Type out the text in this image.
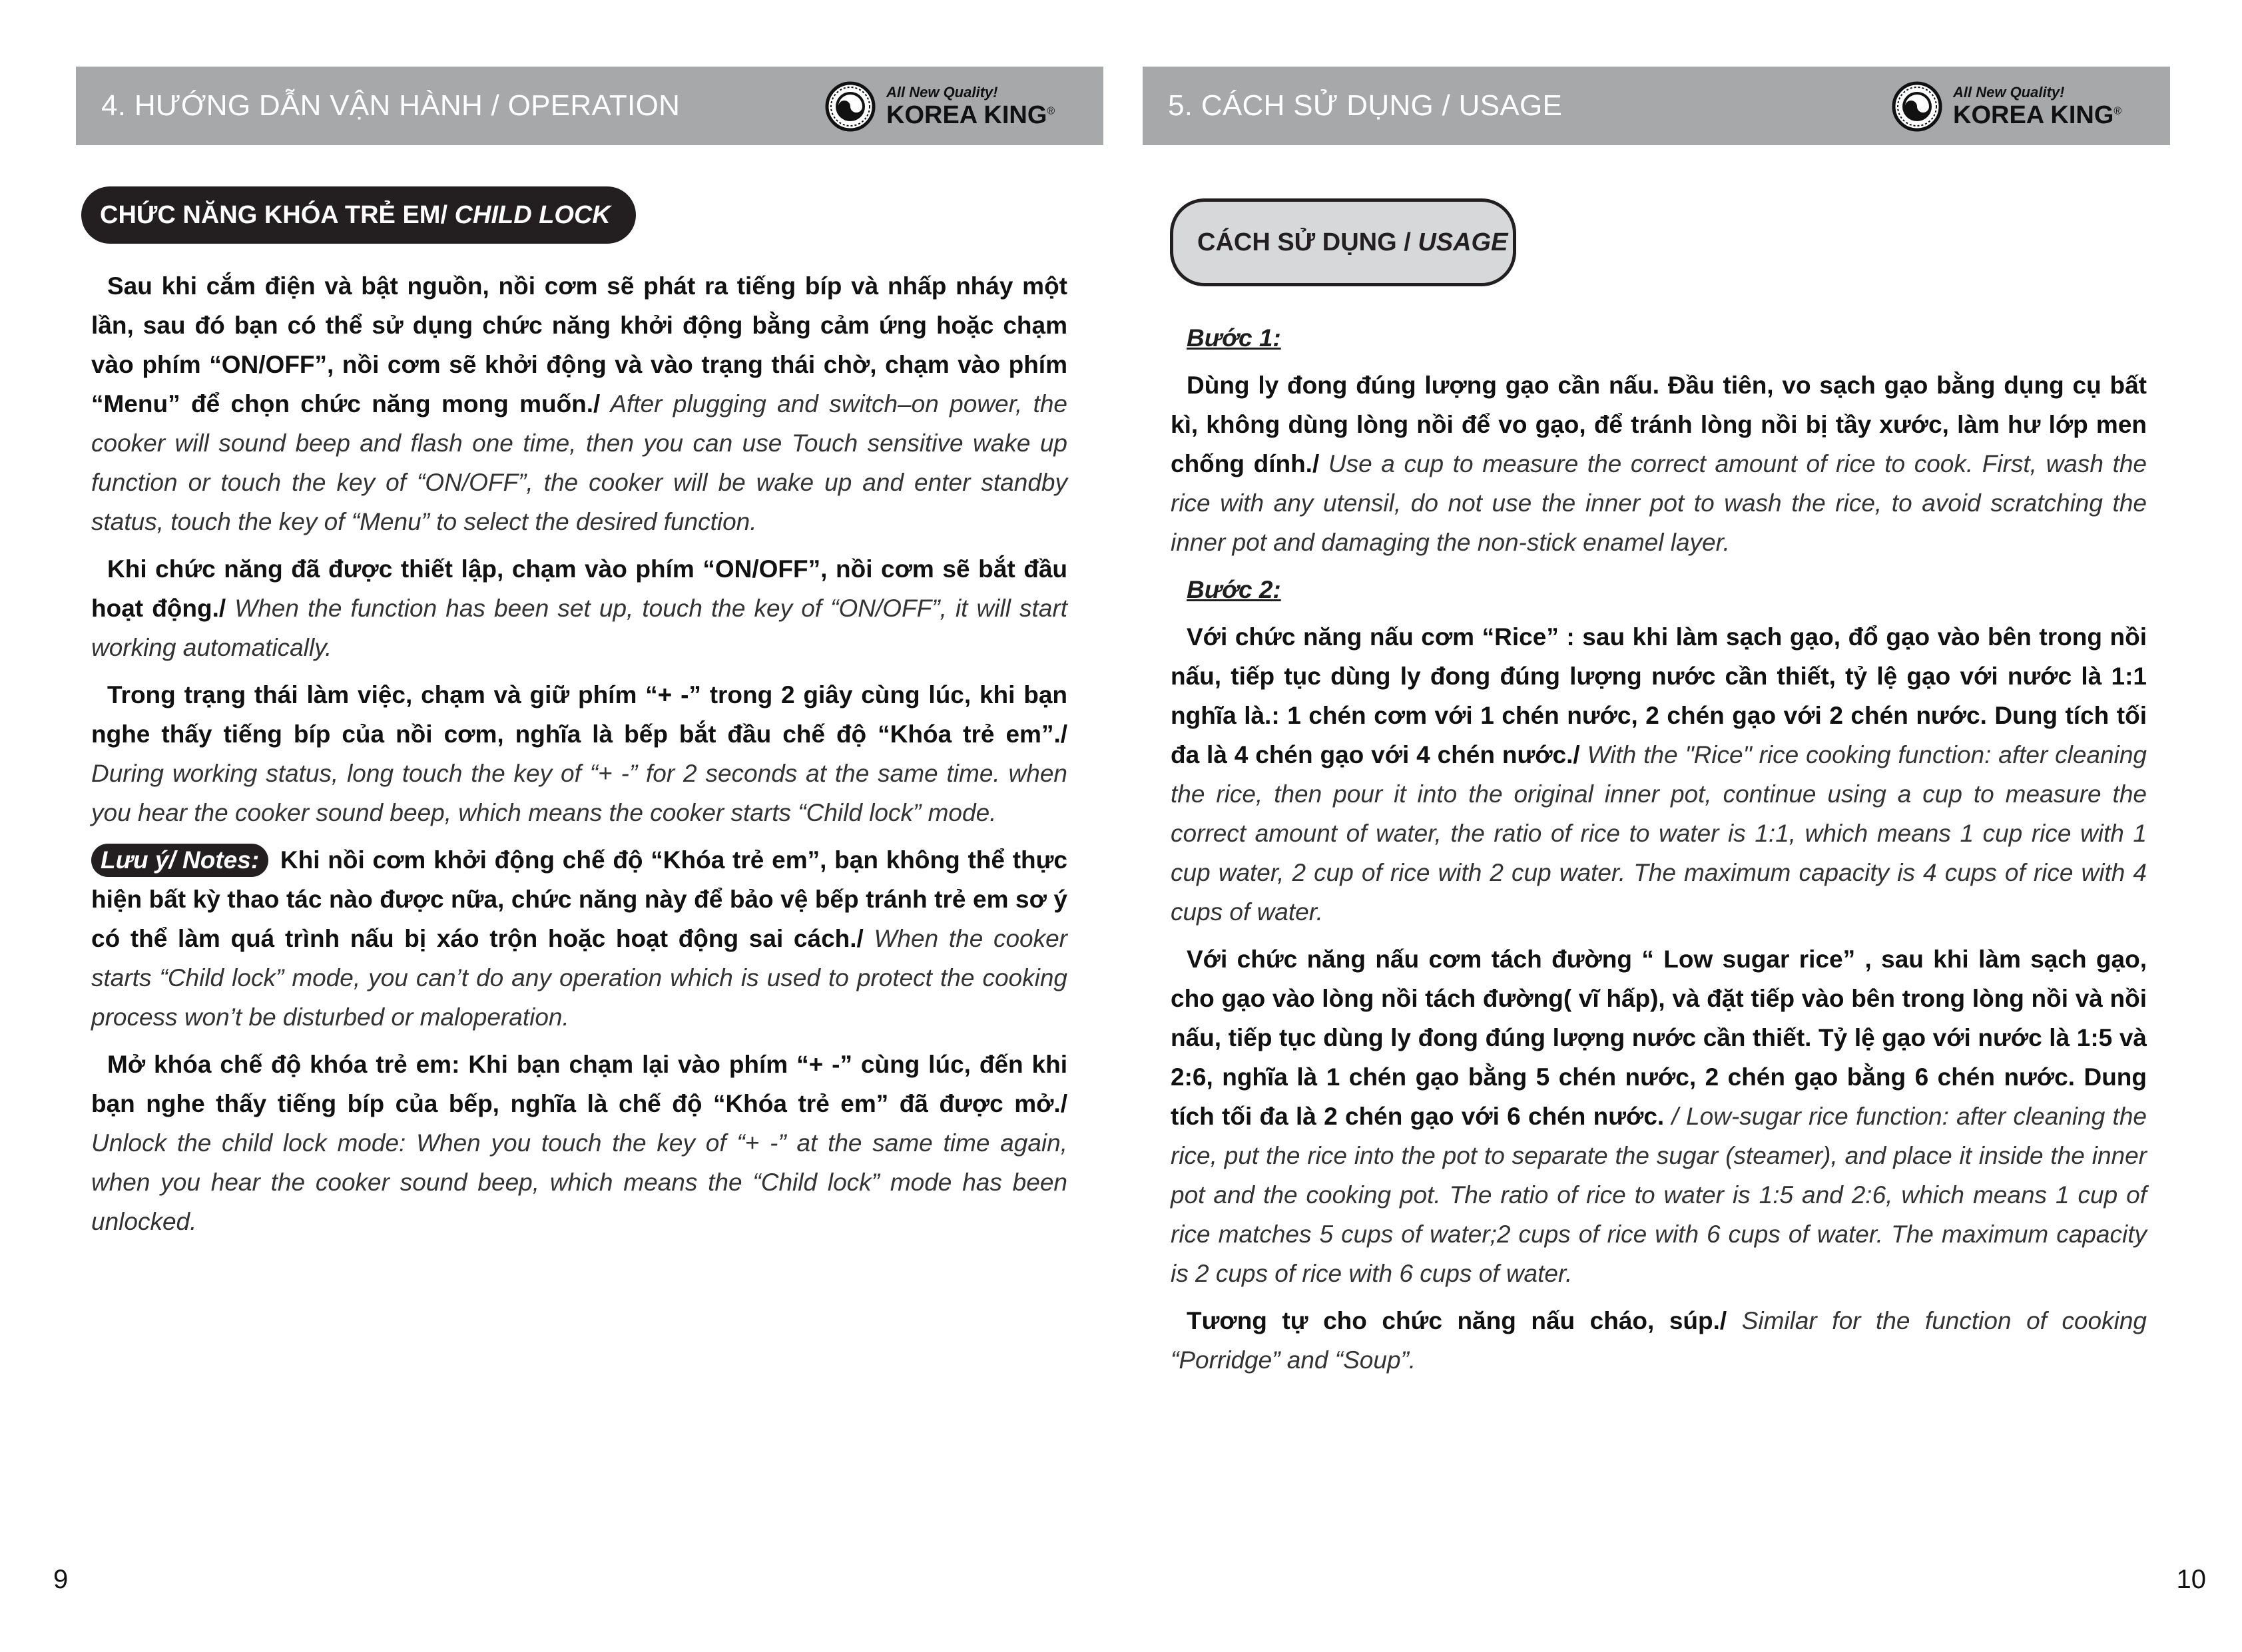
4. HƯỚNG DẪN VẬN HÀNH / OPERATION	All New Quality!
KOREA KING®
CHỨC NĂNG KHÓA TRẺ EM/ CHILD LOCK

Sau khi cắm điện và bật nguồn, nồi cơm sẽ phát ra tiếng bíp và nhấp nháy một lần, sau đó bạn có thể sử dụng chức năng khởi động bằng cảm ứng hoặc chạm vào phím “ON/OFF”, nồi cơm sẽ khởi động và vào trạng thái chờ, chạm vào phím “Menu” để chọn chức năng mong muốn./ After plugging and switch–on power, the cooker will sound beep and flash one time, then you can use Touch sensitive wake up function or touch the key of “ON/OFF”, the cooker will be wake up and enter standby status, touch the key of “Menu” to select the desired function.

Khi chức năng đã được thiết lập, chạm vào phím “ON/OFF”, nồi cơm sẽ bắt đầu hoạt động./ When the function has been set up, touch the key of “ON/OFF”, it will start working automatically.

Trong trạng thái làm việc, chạm và giữ phím “+ -” trong 2 giây cùng lúc, khi bạn nghe thấy tiếng bíp của nồi cơm, nghĩa là bếp bắt đầu chế độ “Khóa trẻ em”./ During working status, long touch the key of “+ -” for 2 seconds at the same time. when you hear the cooker sound beep, which means the cooker starts “Child lock” mode.

Lưu ý/ Notes: Khi nồi cơm khởi động chế độ “Khóa trẻ em”, bạn không thể thực hiện bất kỳ thao tác nào được nữa, chức năng này để bảo vệ bếp tránh trẻ em sơ ý có thể làm quá trình nấu bị xáo trộn hoặc hoạt động sai cách./ When the cooker starts “Child lock” mode, you can’t do any operation which is used to protect the cooking process won’t be disturbed or maloperation.

Mở khóa chế độ khóa trẻ em: Khi bạn chạm lại vào phím “+ -” cùng lúc, đến khi bạn nghe thấy tiếng bíp của bếp, nghĩa là chế độ “Khóa trẻ em” đã được mở./ Unlock the child lock mode: When you touch the key of “+ -” at the same time again, when you hear the cooker sound beep, which means the “Child lock” mode has been unlocked.

9
5. CÁCH SỬ DỤNG / USAGE	All New Quality!
KOREA KING®
CÁCH SỬ DỤNG / USAGE

Bước 1:

Dùng ly đong đúng lượng gạo cần nấu. Đầu tiên, vo sạch gạo bằng dụng cụ bất kì, không dùng lòng nồi để vo gạo, để tránh lòng nồi bị tầy xước, làm hư lớp men chống dính./ Use a cup to measure the correct amount of rice to cook. First, wash the rice with any utensil, do not use the inner pot to wash the rice, to avoid scratching the inner pot and damaging the non-stick enamel layer.

Bước 2:

Với chức năng nấu cơm “Rice” : sau khi làm sạch gạo, đổ gạo vào bên trong nồi nấu, tiếp tục dùng ly đong đúng lượng nước cần thiết, tỷ lệ gạo với nước là 1:1 nghĩa là.: 1 chén cơm với 1 chén nước, 2 chén gạo với 2 chén nước. Dung tích tối đa là 4 chén gạo với 4 chén nước./ With the "Rice" rice cooking function: after cleaning the rice, then pour it into the original inner pot, continue using a cup to measure the correct amount of water, the ratio of rice to water is 1:1, which means 1 cup rice with 1 cup water, 2 cup of rice with 2 cup water. The maximum capacity is 4 cups of rice with 4 cups of water.

Với chức năng nấu cơm tách đường “ Low sugar rice” , sau khi làm sạch gạo, cho gạo vào lòng nồi tách đường( vĩ hấp), và đặt tiếp vào bên trong lòng nồi và nồi nấu, tiếp tục dùng ly đong đúng lượng nước cần thiết. Tỷ lệ gạo với nước là 1:5 và 2:6, nghĩa là 1 chén gạo bằng 5 chén nước, 2 chén gạo bằng 6 chén nước. Dung tích tối đa là 2 chén gạo với 6 chén nước. / Low-sugar rice function: after cleaning the rice, put the rice into the pot to separate the sugar (steamer), and place it inside the inner pot and the cooking pot. The ratio of rice to water is 1:5 and 2:6, which means 1 cup of rice matches 5 cups of water;2 cups of rice with 6 cups of water. The maximum capacity is 2 cups of rice with 6 cups of water.

Tương tự cho chức năng nấu cháo, súp./ Similar for the function of cooking “Porridge” and “Soup”.

10
